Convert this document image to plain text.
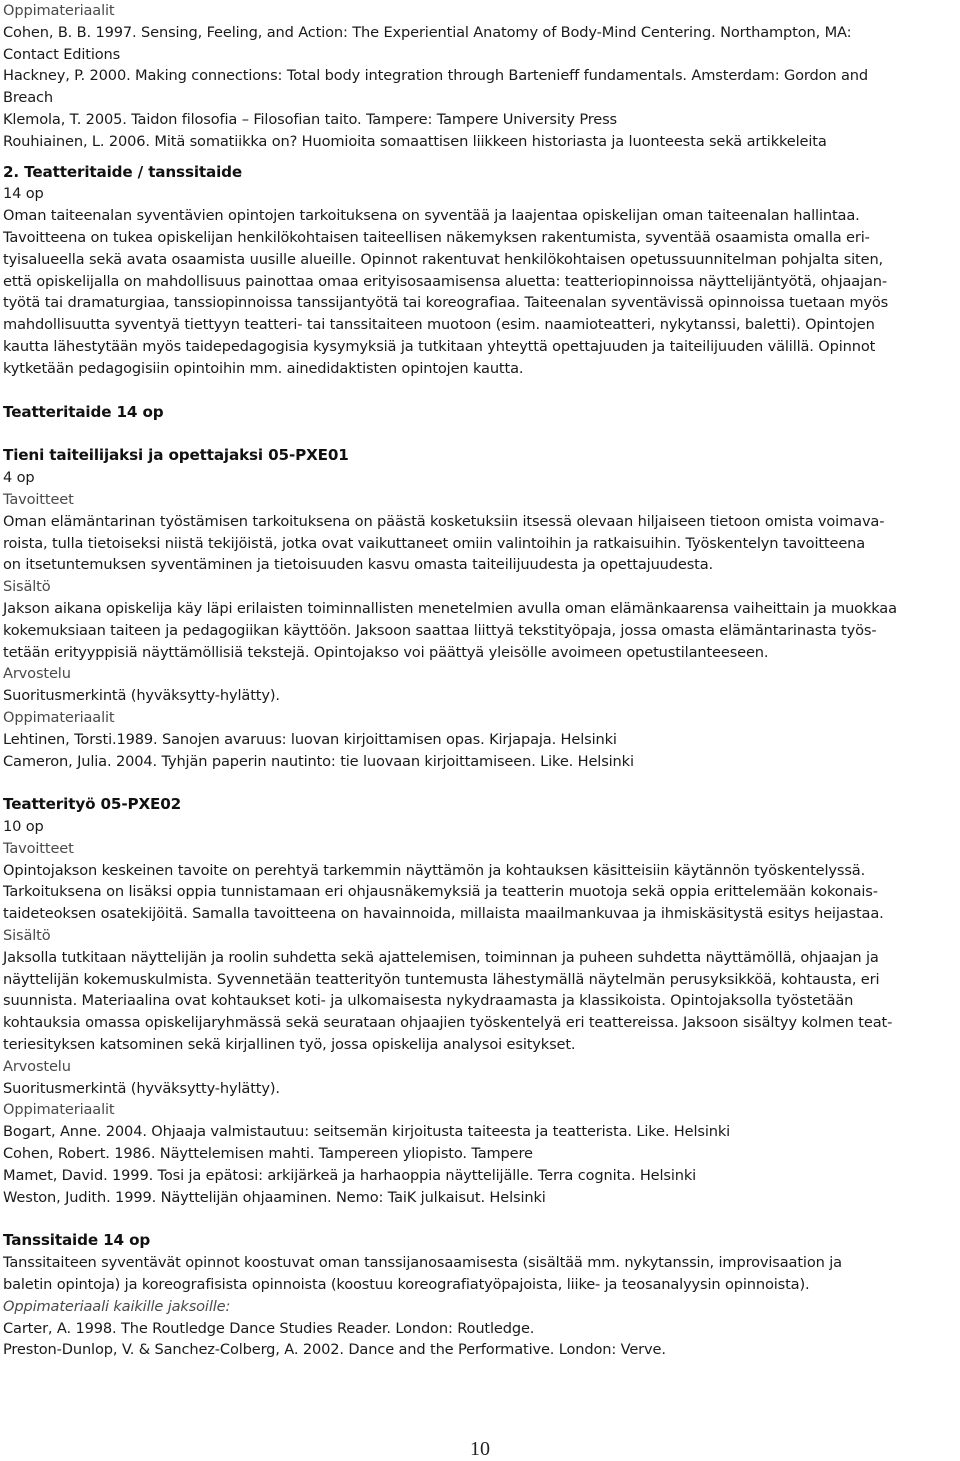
Oppimateriaalit
Cohen, B. B. 1997. Sensing, Feeling, and Action: The Experiential Anatomy of Body-Mind Centering. Northampton, MA:
Contact Editions
Hackney, P. 2000. Making connections: Total body integration through Bartenieff fundamentals. Amsterdam: Gordon and
Breach
Klemola, T. 2005. Taidon filosofia – Filosofian taito. Tampere: Tampere University Press
Rouhiainen, L. 2006. Mitä somatiikka on? Huomioita somaattisen liikkeen historiasta ja luonteesta sekä artikkeleita
2. Teatteritaide / tanssitaide
14 op
Oman taiteenalan syventävien opintojen tarkoituksena on syventää ja laajentaa opiskelijan oman taiteenalan hallintaa.
Tavoitteena on tukea opiskelijan henkilökohtaisen taiteellisen näkemyksen rakentumista, syventää osaamista omalla eri-
tyisalueella sekä avata osaamista uusille alueille. Opinnot rakentuvat henkilökohtaisen opetussuunnitelman pohjalta siten,
että opiskelijalla on mahdollisuus painottaa omaa erityisosaamisensa aluetta: teatteriopinnoissa näyttelijäntyötä, ohjaajan-
työtä tai dramaturgiaa, tanssiopinnoissa tanssijantyötä tai koreografiaa. Taiteenalan syventävissä opinnoissa tuetaan myös
mahdollisuutta syventyä tiettyyn teatteri- tai tanssitaiteen muotoon (esim. naamioteatteri, nykytanssi, baletti). Opintojen
kautta lähestytään myös taidepedagogisia kysymyksiä ja tutkitaan yhteyttä opettajuuden ja taiteilijuuden välillä. Opinnot
kytketään pedagogisiin opintoihin mm. ainedidaktisten opintojen kautta.
Teatteritaide 14 op
Tieni taiteilijaksi ja opettajaksi 05-PXE01
4 op
Tavoitteet
Oman elämäntarinan työstämisen tarkoituksena on päästä kosketuksiin itsessä olevaan hiljaiseen tietoon omista voimava-
roista, tulla tietoiseksi niistä tekijöistä, jotka ovat vaikuttaneet omiin valintoihin ja ratkaisuihin. Työskentelyn tavoitteena
on itsetuntemuksen syventäminen ja tietoisuuden kasvu omasta taiteilijuudesta ja opettajuudesta.
Sisältö
Jakson aikana opiskelija käy läpi erilaisten toiminnallisten menetelmien avulla oman elämänkaarensa vaiheittain ja muokkaa
kokemuksiaan taiteen ja pedagogiikan käyttöön. Jaksoon saattaa liittyä tekstityöpaja, jossa omasta elämäntarinasta työs-
tetään erityyppisiä näyttämöllisiä tekstejä. Opintojakso voi päättyä yleisölle avoimeen opetustilanteeseen.
Arvostelu
Suoritusmerkintä (hyväksytty-hylätty).
Oppimateriaalit
Lehtinen, Torsti.1989. Sanojen avaruus: luovan kirjoittamisen opas. Kirjapaja. Helsinki
Cameron, Julia. 2004. Tyhjän paperin nautinto: tie luovaan kirjoittamiseen. Like. Helsinki
Teatterityö 05-PXE02
10 op
Tavoitteet
Opintojakson keskeinen tavoite on perehtyä tarkemmin näyttämön ja kohtauksen käsitteisiin käytännön työskentelyssä.
Tarkoituksena on lisäksi oppia tunnistamaan eri ohjausnäkemyksiä ja teatterin muotoja sekä oppia erittelemään kokonais-
taideteoksen osatekijöitä. Samalla tavoitteena on havainnoida, millaista maailmankuvaa ja ihmiskäsitystä esitys heijastaa.
Sisältö
Jaksolla tutkitaan näyttelijän ja roolin suhdetta sekä ajattelemisen, toiminnan ja puheen suhdetta näyttämöllä, ohjaajan ja
näyttelijän kokemuskulmista. Syvennetään teatterityön tuntemusta lähestymällä näytelmän perusyksikköä, kohtausta, eri
suunnista. Materiaalina ovat kohtaukset koti- ja ulkomaisesta nykydraamasta ja klassikoista. Opintojaksolla työstetään
kohtauksia omassa opiskelijaryhmässä sekä seurataan ohjaajien työskentelyä eri teattereissa. Jaksoon sisältyy kolmen teat-
teriesityksen katsominen sekä kirjallinen työ, jossa opiskelija analysoi esitykset.
Arvostelu
Suoritusmerkintä (hyväksytty-hylätty).
Oppimateriaalit
Bogart, Anne. 2004. Ohjaaja valmistautuu: seitsemän kirjoitusta taiteesta ja teatterista. Like. Helsinki
Cohen, Robert. 1986. Näyttelemisen mahti. Tampereen yliopisto. Tampere
Mamet, David. 1999. Tosi ja epätosi: arkijärkeä ja harhaoppia näyttelijälle. Terra cognita. Helsinki
Weston, Judith. 1999. Näyttelijän ohjaaminen. Nemo: TaiK julkaisut. Helsinki
Tanssitaide 14 op
Tanssitaiteen syventävät opinnot koostuvat oman tanssijanosaamisesta (sisältää mm. nykytanssin, improvisaation ja
baletin opintoja) ja koreografisista opinnoista (koostuu koreografiatyöpajoista, liike- ja teosanalyysin opinnoista).
Oppimateriaali kaikille jaksoille:
Carter, A. 1998. The Routledge Dance Studies Reader. London: Routledge.
Preston-Dunlop, V. & Sanchez-Colberg, A. 2002. Dance and the Performative. London: Verve.
10
